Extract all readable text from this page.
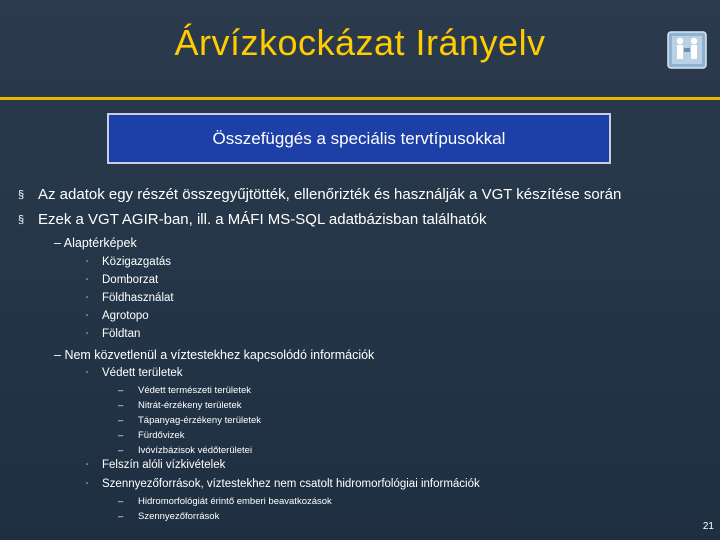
Árvízkockázat Irányelv
Összefüggés a speciális tervtípusokkal
§ Az adatok egy részét összegyűjtötték, ellenőrizték és használják a VGT készítése során
§ Ezek a VGT AGIR-ban, ill. a MÁFI MS-SQL adatbázisban találhatók
– Alaptérképek
▫ Közigazgatás
▫ Domborzat
▫ Földhasználat
▫ Agrotopo
▫ Földtan
– Nem közvetlenül a víztestekhez kapcsolódó információk
▫ Védett területek
– Védett természeti területek
– Nitrát-érzékeny területek
– Tápanyag-érzékeny területek
– Fürdővizek
– Ivóvízbázisok védőterületei
▫ Felszín alóli vízkivételek
▫ Szennyezőforrások, víztestekhez nem csatolt hidromorfológiai információk
– Hidromorfológiát érintő emberi beavatkozások
– Szennyezőforrások
21
